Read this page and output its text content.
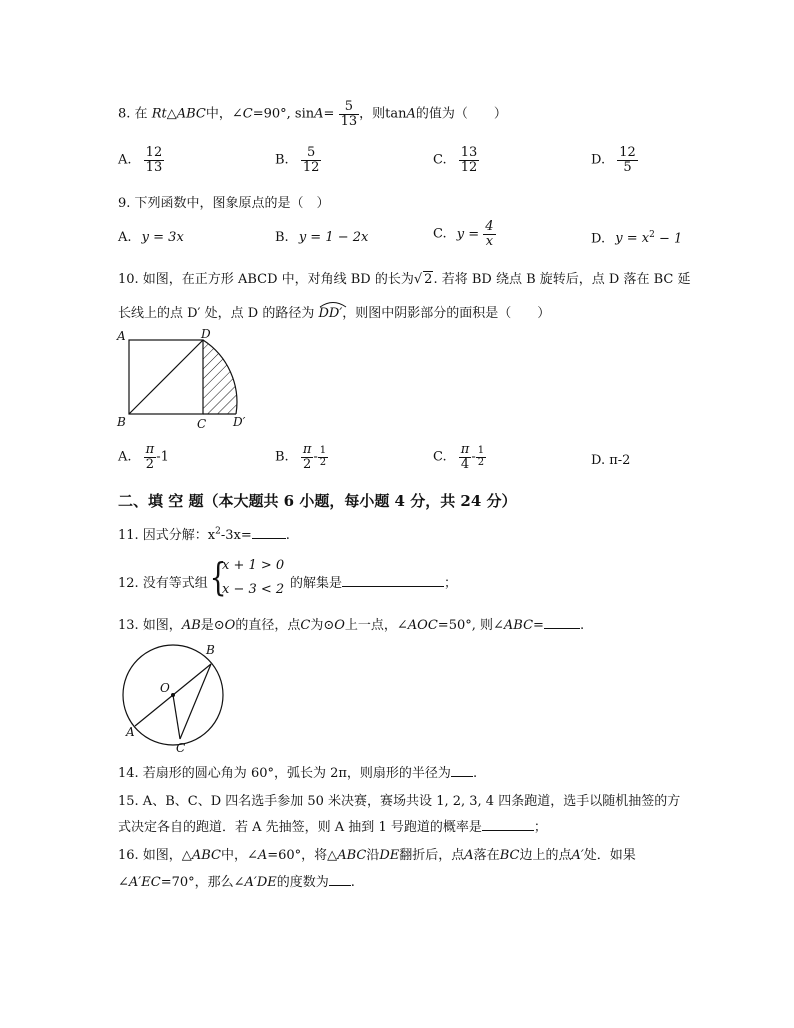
8. 在 Rt△ABC中，∠C=90°, $\sin A= \frac{5}{13}$ ，则tanA的值为（　　）
A. $\frac{12}{13}$	B. $\frac{5}{12}$	C. $\frac{13}{12}$	D. $\frac{12}{5}$
9. 下列函数中，图象原点的是（　）
A. y = 3x	B. y = 1 − 2x	C. $y = \frac{4}{x}$	D. $y = x^2 - 1$
10. 如图，在正方形 ABCD 中，对角线 BD 的长为√ 2. 若将 BD 绕点 B 旋转后，点 D 落在 BC 延
长线上的点 D′ 处，点 D 的路径为 DD′，则图中阴影部分的面积是（　　）
A	D
B	C D′
A. $\frac{\pi}{2} -1$	B. $\frac{\pi}{2} - \frac{1}{2}$	C. $\frac{\pi}{4} - \frac{1}{2}$	D. π-2
二、填 空 题（本大题共 6 小题，每小题 4 分，共 24 分）
11. 因式分解：$x^2-3x=$	.
12. 没有等式组 {
x + 1 > 0
x − 3 < 2 的解集是	；
13. 如图，AB是⊙O的直径，点C为⊙O上一点，∠AOC=50°, 则∠ABC=	.
B
O
A
C
14. 若扇形的圆心角为 60°，弧长为 2π，则扇形的半径为 .
15. A、B、C、D 四名选手参加 50 米决赛，赛场共设 1, 2, 3, 4 四条跑道，选手以随机抽签的方
式决定各自的跑道．若 A 先抽签，则 A 抽到 1 号跑道的概率是	；
16. 如图，△ABC中，∠A=60°，将△ABC沿DE翻折后，点A落在BC边上的点A′处．如果
∠A′EC=70°，那么∠A′DE的度数为 .
